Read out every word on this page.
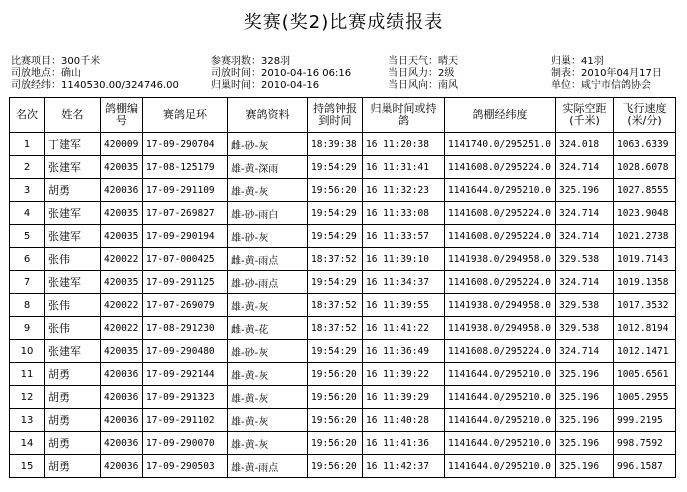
奖赛(奖2)比赛成绩报表
比赛项目：300千米	参赛羽数：328羽	当日天气：晴天	归巢：41羽
司放地点：确山	司放时间：2010-04-16 06:16	当日风力：2级	制表：2010年04月17日
司放经纬：1140530.00/324746.00	归巢时间：2010-04-16	当日风向：南风	单位：咸宁市信鸽协会
名次	姓名	鸽棚编号	赛鸽足环	赛鸽资料	持鸽钟报到时间	归巢时间或持鸽	鸽棚经纬度	实际空距(千米)	飞行速度(米/分)
1	丁建军	420009	17-09-290704	雌-砂-灰	18:39:38	16 11:20:38	1141740.0/295251.0	324.018	1063.6339
2	张建军	420035	17-08-125179	雄-黄-深雨	19:54:29	16 11:31:41	1141608.0/295224.0	324.714	1028.6078
3	胡勇	420036	17-09-291109	雄-黄-灰	19:56:20	16 11:32:23	1141644.0/295210.0	325.196	1027.8555
4	张建军	420035	17-07-269827	雄-砂-雨白	19:54:29	16 11:33:08	1141608.0/295224.0	324.714	1023.9048
5	张建军	420035	17-09-290194	雄-砂-灰	19:54:29	16 11:33:57	1141608.0/295224.0	324.714	1021.2738
6	张伟	420022	17-07-000425	雌-黄-雨点	18:37:52	16 11:39:10	1141938.0/294958.0	329.538	1019.7143
7	张建军	420035	17-09-291125	雄-砂-雨点	19:54:29	16 11:34:37	1141608.0/295224.0	324.714	1019.1358
8	张伟	420022	17-07-269079	雄-黄-灰	18:37:52	16 11:39:55	1141938.0/294958.0	329.538	1017.3532
9	张伟	420022	17-08-291230	雌-黄-花	18:37:52	16 11:41:22	1141938.0/294958.0	329.538	1012.8194
10	张建军	420035	17-09-290480	雄-砂-灰	19:54:29	16 11:36:49	1141608.0/295224.0	324.714	1012.1471
11	胡勇	420036	17-09-292144	雄-黄-灰	19:56:20	16 11:39:22	1141644.0/295210.0	325.196	1005.6561
12	胡勇	420036	17-09-291323	雄-黄-灰	19:56:20	16 11:39:29	1141644.0/295210.0	325.196	1005.2955
13	胡勇	420036	17-09-291102	雄-黄-灰	19:56:20	16 11:40:28	1141644.0/295210.0	325.196	999.2195
14	胡勇	420036	17-09-290070	雄-黄-灰	19:56:20	16 11:41:36	1141644.0/295210.0	325.196	998.7592
15	胡勇	420036	17-09-290503	雄-黄-雨点	19:56:20	16 11:42:37	1141644.0/295210.0	325.196	996.1587
